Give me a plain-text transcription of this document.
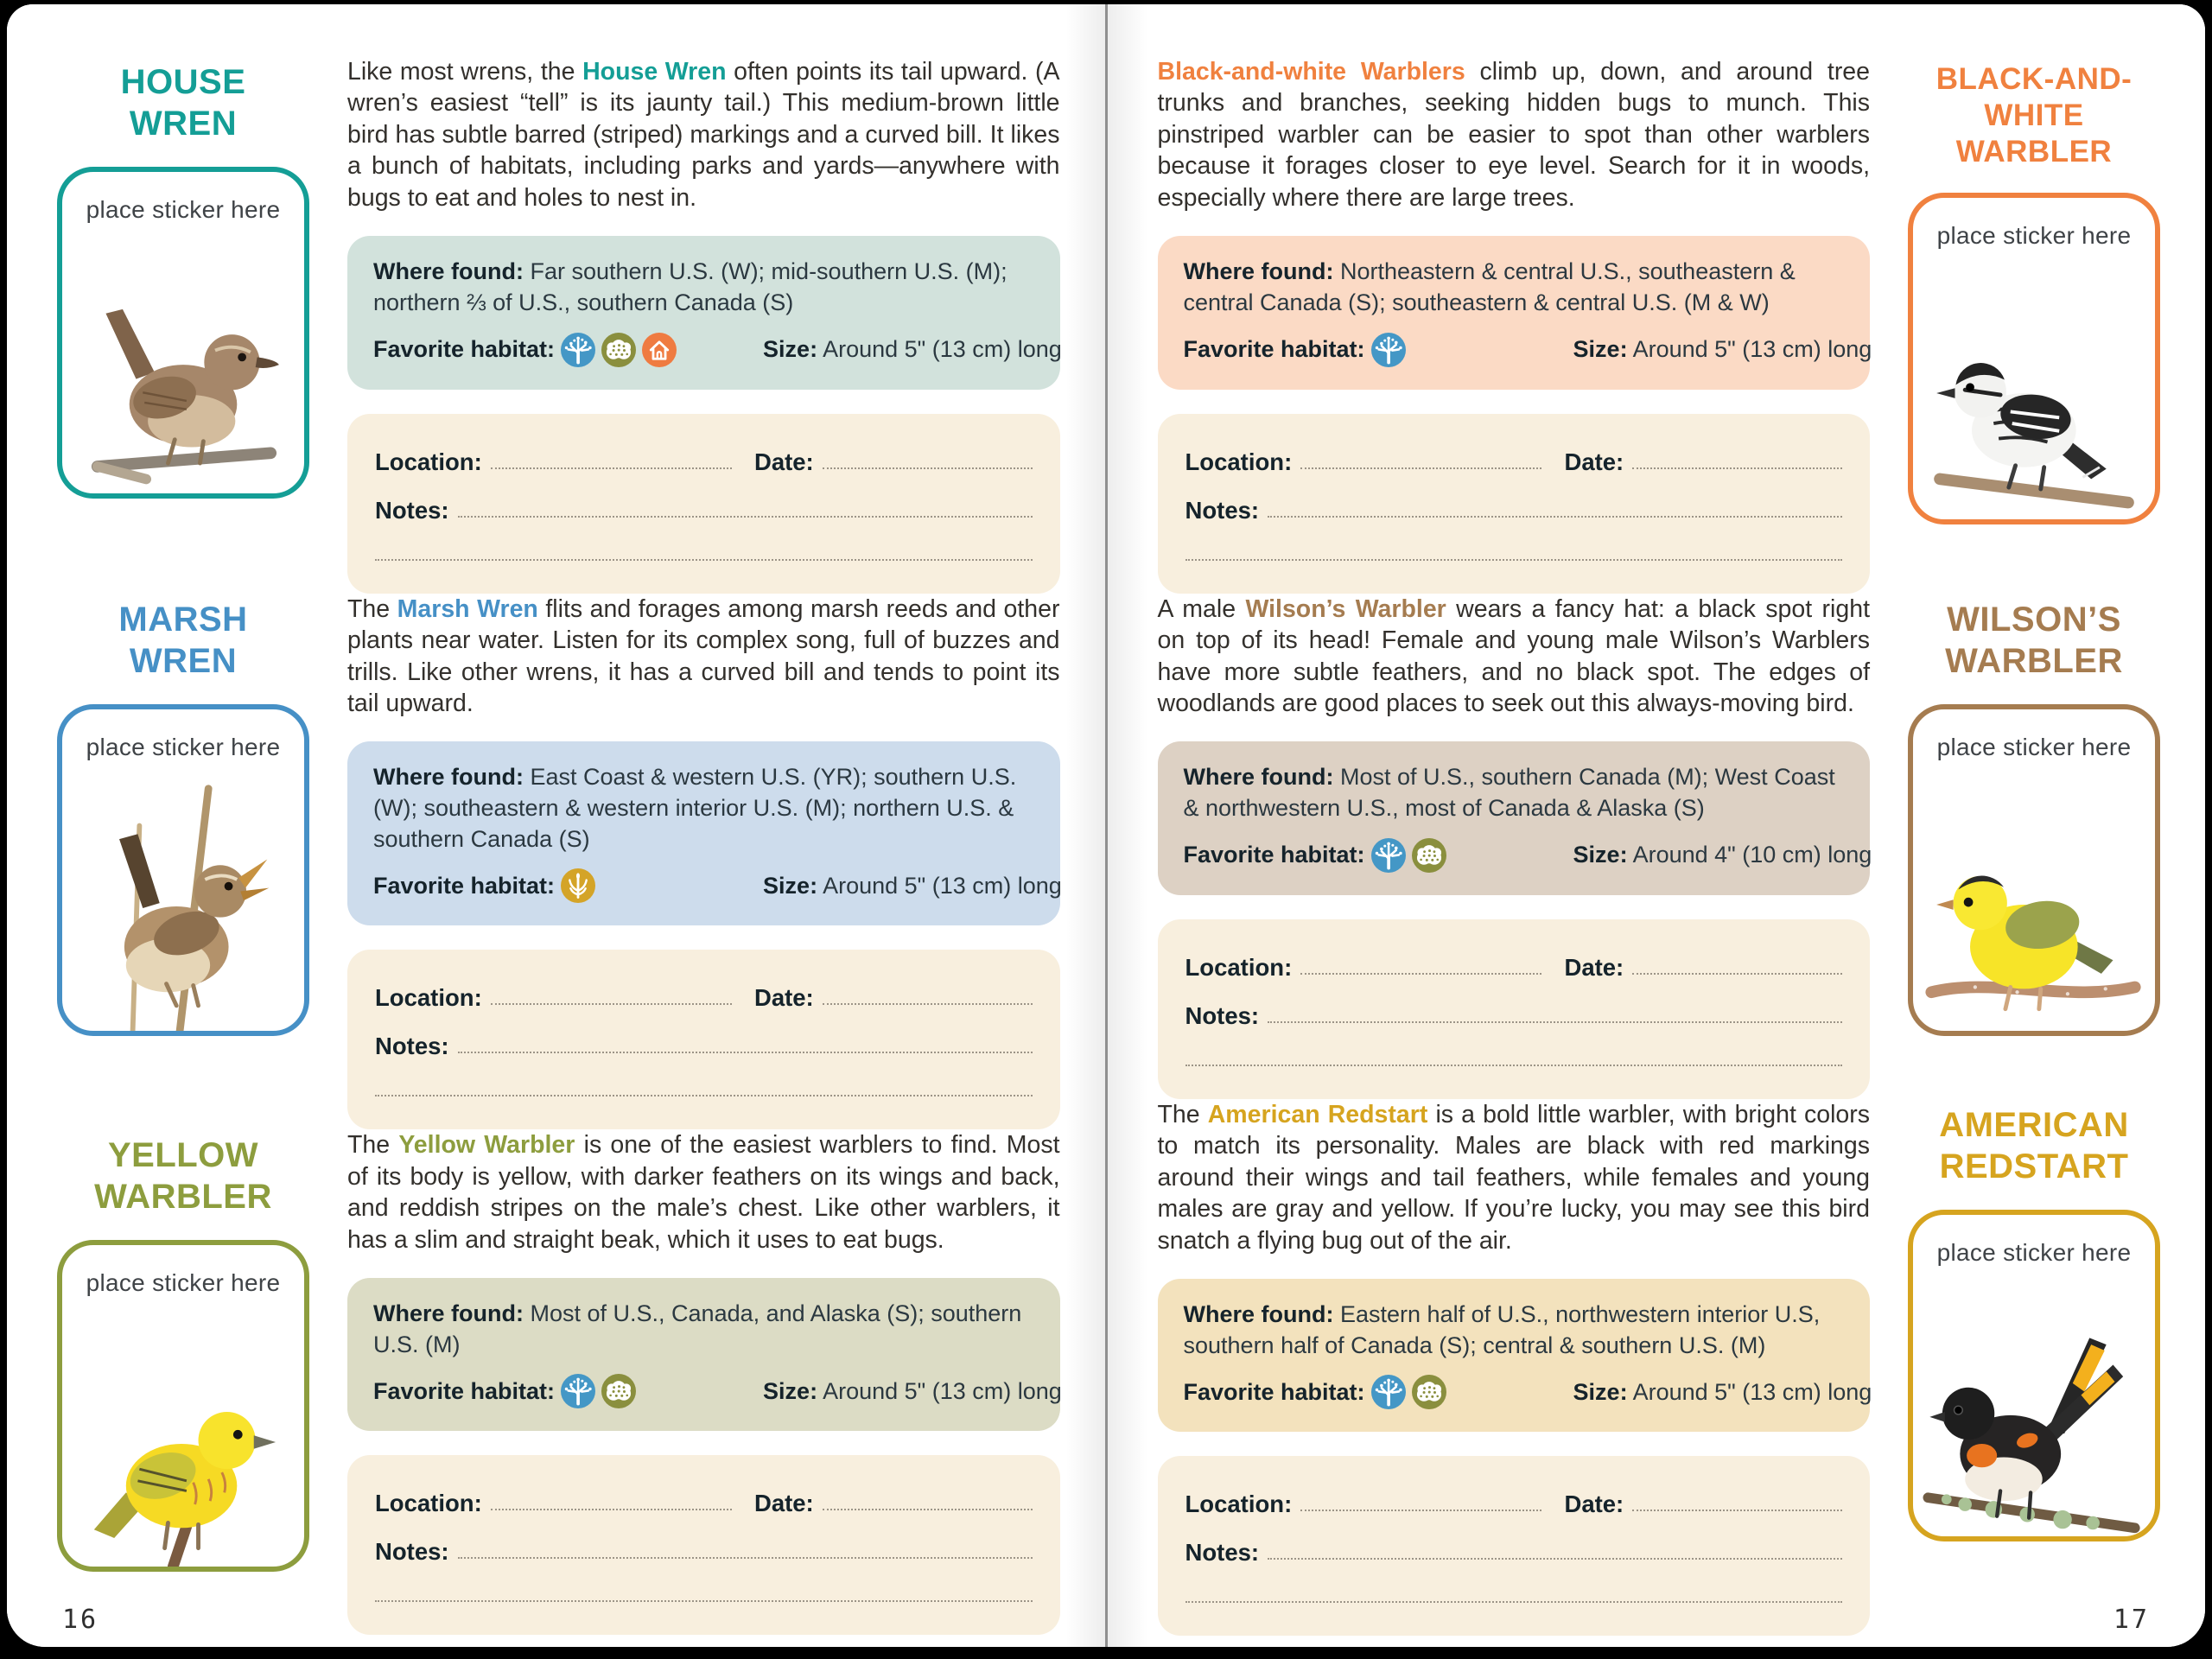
HOUSE
WREN
place sticker here

Like most wrens, the House Wren often points its tail upward. (A wren’s easiest “tell” is its jaunty tail.) This medium-brown little bird has subtle barred (striped) markings and a curved bill. It likes a bunch of habitats, including parks and yards—anywhere with bugs to eat and holes to nest in.

Where found: Far southern U.S. (W); mid-southern U.S. (M); northern ⅔ of U.S., southern Canada (S)

Favorite habitat:	Size: Around 5" (13 cm) long
Location:	Date:
Notes:
MARSH
WREN
place sticker here

The Marsh Wren flits and forages among marsh reeds and other plants near water. Listen for its complex song, full of buzzes and trills. Like other wrens, it has a curved bill and tends to point its tail upward.

Where found: East Coast & western U.S. (YR); southern U.S. (W); southeastern & western interior U.S. (M); northern U.S. & southern Canada (S)

Favorite habitat:	Size: Around 5" (13 cm) long
Location:	Date:
Notes:
YELLOW
WARBLER
place sticker here

The Yellow Warbler is one of the easiest warblers to find. Most of its body is yellow, with darker feathers on its wings and back, and reddish stripes on the male’s chest. Like other warblers, it has a slim and straight beak, which it uses to eat bugs.

Where found: Most of U.S., Canada, and Alaska (S); southern U.S. (M)

Favorite habitat:	Size: Around 5" (13 cm) long
Location:	Date:
Notes:
16
BLACK-AND-WHITE
WARBLER
place sticker here

Black-and-white Warblers climb up, down, and around tree trunks and branches, seeking hidden bugs to munch. This pinstriped warbler can be easier to spot than other warblers because it forages closer to eye level. Search for it in woods, especially where there are large trees.

Where found: Northeastern & central U.S., southeastern & central Canada (S); southeastern & central U.S. (M & W)

Favorite habitat:	Size: Around 5" (13 cm) long
Location:	Date:
Notes:
WILSON’S
WARBLER
place sticker here

A male Wilson’s Warbler wears a fancy hat: a black spot right on top of its head! Female and young male Wilson’s Warblers have more subtle feathers, and no black spot. The edges of woodlands are good places to seek out this always-moving bird.

Where found: Most of U.S., southern Canada (M); West Coast & northwestern U.S., most of Canada & Alaska (S)

Favorite habitat:	Size: Around 4" (10 cm) long
Location:	Date:
Notes:
AMERICAN
REDSTART
place sticker here

The American Redstart is a bold little warbler, with bright colors to match its personality. Males are black with red markings around their wings and tail feathers, while females and young males are gray and yellow. If you’re lucky, you may see this bird snatch a flying bug out of the air.

Where found: Eastern half of U.S., northwestern interior U.S, southern half of Canada (S); central & southern U.S. (M)

Favorite habitat:	Size: Around 5" (13 cm) long
Location:	Date:
Notes:
17
